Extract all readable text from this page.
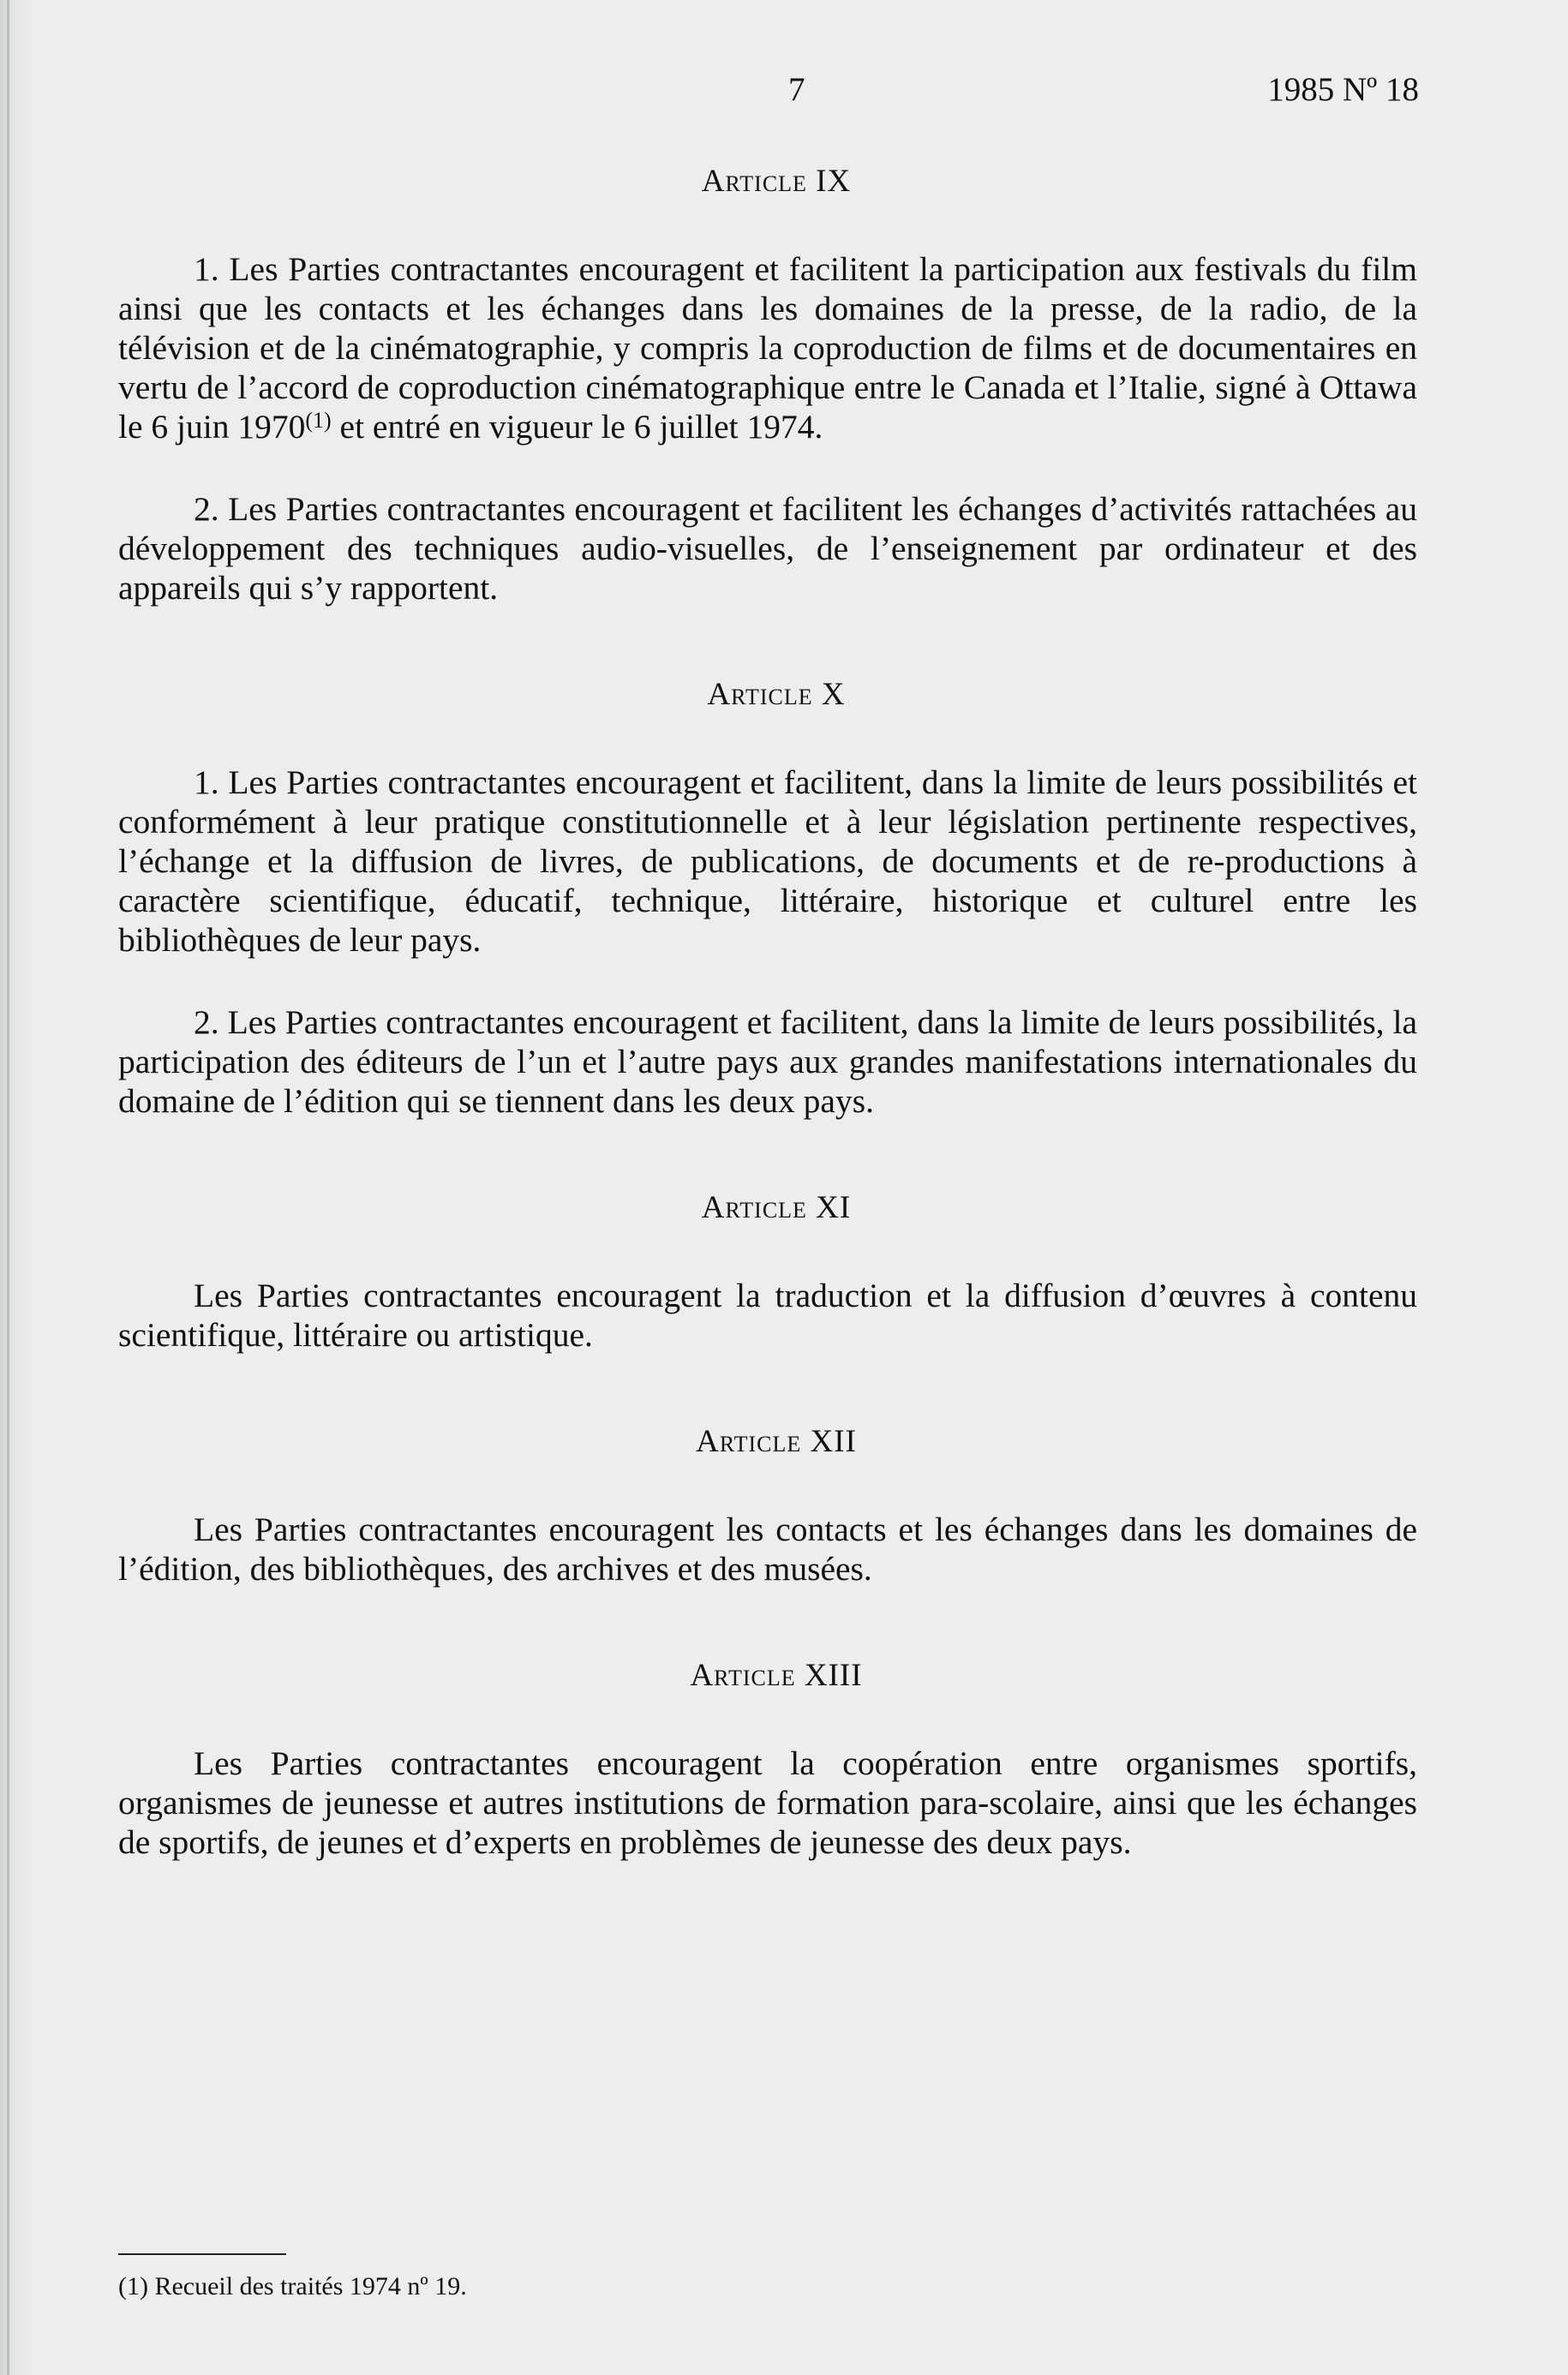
7	1985 Nº 18
Article IX

1. Les Parties contractantes encouragent et facilitent la participation aux festivals du film ainsi que les contacts et les échanges dans les domaines de la presse, de la radio, de la télévision et de la cinématographie, y compris la coproduction de films et de documentaires en vertu de l’accord de coproduction cinématographique entre le Canada et l’Italie, signé à Ottawa le 6 juin 1970$^{(1)}$ et entré en vigueur le 6 juillet 1974.

2. Les Parties contractantes encouragent et facilitent les échanges d’activités rattachées au développement des techniques audio-visuelles, de l’enseignement par ordinateur et des appareils qui s’y rapportent.

Article X

1. Les Parties contractantes encouragent et facilitent, dans la limite de leurs possibilités et conformément à leur pratique constitutionnelle et à leur législation pertinente respectives, l’échange et la diffusion de livres, de publications, de documents et de re-productions à caractère scientifique, éducatif, technique, littéraire, historique et culturel entre les bibliothèques de leur pays.

2. Les Parties contractantes encouragent et facilitent, dans la limite de leurs possibilités, la participation des éditeurs de l’un et l’autre pays aux grandes manifestations internationales du domaine de l’édition qui se tiennent dans les deux pays.

Article XI

Les Parties contractantes encouragent la traduction et la diffusion d’œuvres à contenu scientifique, littéraire ou artistique.

Article XII

Les Parties contractantes encouragent les contacts et les échanges dans les domaines de l’édition, des bibliothèques, des archives et des musées.

Article XIII

Les Parties contractantes encouragent la coopération entre organismes sportifs, organismes de jeunesse et autres institutions de formation para-scolaire, ainsi que les échanges de sportifs, de jeunes et d’experts en problèmes de jeunesse des deux pays.

(1) Recueil des traités 1974 nº 19.
